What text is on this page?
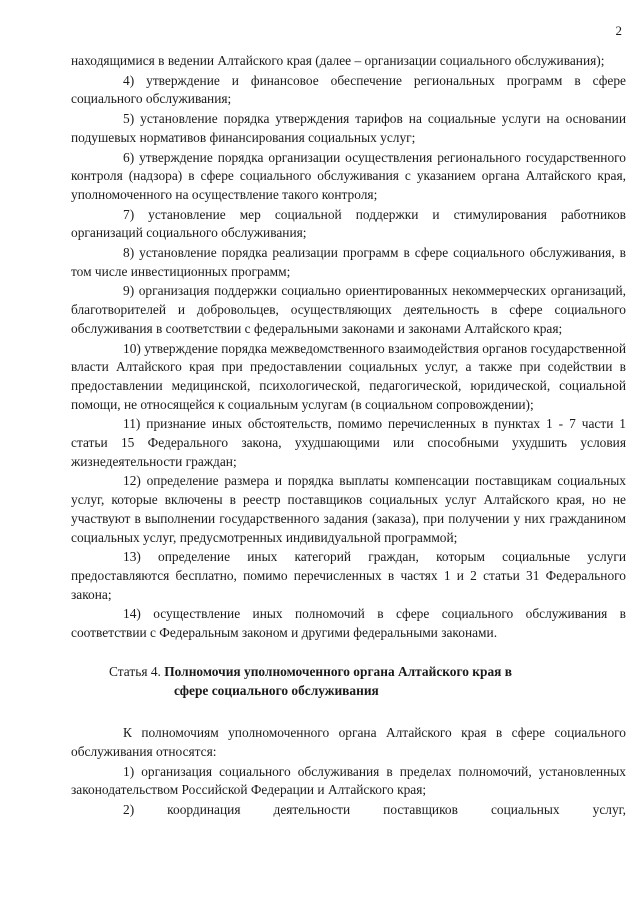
2

находящимися в ведении Алтайского края (далее – организации социального обслуживания);

4) утверждение и финансовое обеспечение региональных программ в сфере социального обслуживания;

5) установление порядка утверждения тарифов на социальные услуги на основании подушевых нормативов финансирования социальных услуг;

6) утверждение порядка организации осуществления регионального государственного контроля (надзора) в сфере социального обслуживания с указанием органа Алтайского края, уполномоченного на осуществление такого контроля;

7) установление мер социальной поддержки и стимулирования работников организаций социального обслуживания;

8) установление порядка реализации программ в сфере социального обслуживания, в том числе инвестиционных программ;

9) организация поддержки социально ориентированных некоммерческих организаций, благотворителей и добровольцев, осуществляющих деятельность в сфере социального обслуживания в соответствии с федеральными законами и законами Алтайского края;

10) утверждение порядка межведомственного взаимодействия органов государственной власти Алтайского края при предоставлении социальных услуг, а также при содействии в предоставлении медицинской, психологической, педагогической, юридической, социальной помощи, не относящейся к социальным услугам (в социальном сопровождении);

11) признание иных обстоятельств, помимо перечисленных в пунктах 1 - 7 части 1 статьи 15 Федерального закона, ухудшающими или способными ухудшить условия жизнедеятельности граждан;

12) определение размера и порядка выплаты компенсации поставщикам социальных услуг, которые включены в реестр поставщиков социальных услуг Алтайского края, но не участвуют в выполнении государственного задания (заказа), при получении у них гражданином социальных услуг, предусмотренных индивидуальной программой;

13) определение иных категорий граждан, которым социальные услуги предоставляются бесплатно, помимо перечисленных в частях 1 и 2 статьи 31 Федерального закона;

14) осуществление иных полномочий в сфере социального обслуживания в соответствии с Федеральным законом и другими федеральными законами.

Статья 4. Полномочия уполномоченного органа Алтайского края в
сфере социального обслуживания

К полномочиям уполномоченного органа Алтайского края в сфере социального обслуживания относятся:

1) организация социального обслуживания в пределах полномочий, установленных законодательством Российской Федерации и Алтайского края;

2) координация деятельности поставщиков социальных услуг,
